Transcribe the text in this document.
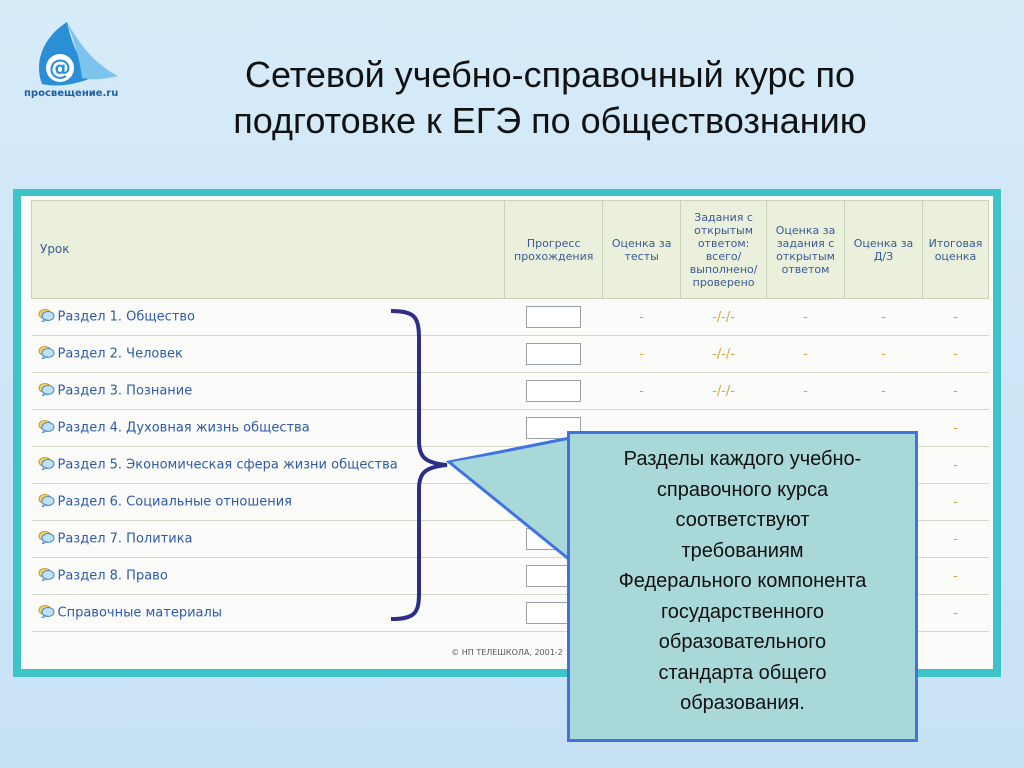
@
просвещение.ru	Сетевой учебно-справочный курс по
подготовке к ЕГЭ по обществознанию
Урок	Прогресс прохождения	Оценка за тесты	Задания с открытым ответом: всего/ выполнено/ проверено	Оценка за задания с открытым ответом	Оценка за Д/З	Итоговая оценка
Раздел 1. Общество		-	-/-/-	-	-	-
Раздел 2. Человек		-	-/-/-	-	-	-
Раздел 3. Познание		-	-/-/-	-	-	-
Раздел 4. Духовная жизнь общества						-
Раздел 5. Экономическая сфера жизни общества						-
Раздел 6. Социальные отношения						-
Раздел 7. Политика						-
Раздел 8. Право						-
Справочные материалы						-
© НП ТЕЛЕШКОЛА, 2001-2
Разделы каждого учебно-
справочного курса
соответствуют
требованиям
Федерального компонента
государственного
образовательного
стандарта общего
образования.
